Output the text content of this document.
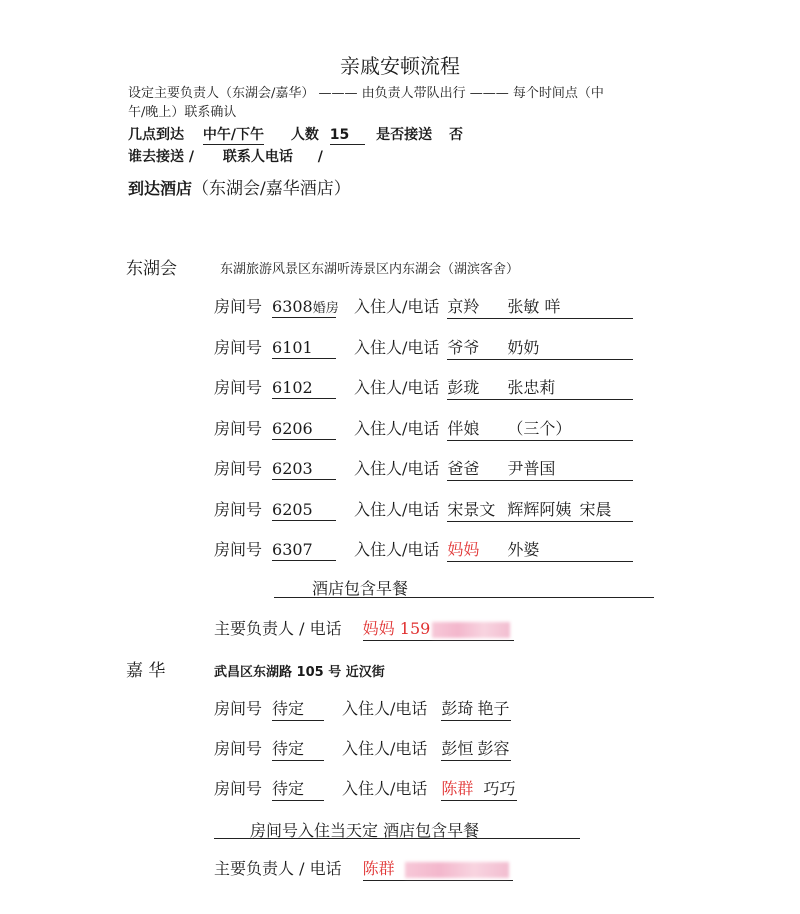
亲戚安顿流程
设定主要负责人（东湖会/嘉华） ——— 由负责人带队出行 ——— 每个时间点（中
午/晚上）联系确认
几点到达 中午/下午 人数 15 是否接送 否
谁去接送 / 联系人电话 /
到达酒店（东湖会/嘉华酒店）
东湖会	东湖旅游风景区东湖听涛景区内东湖会（湖滨客舍）
房间号 6308婚房 入住人/电话 京羚 张敏 咩
房间号 6101	入住人/电话 爷爷 奶奶
房间号 6102	入住人/电话 彭珑 张忠莉
房间号 6206	入住人/电话 伴娘 （三个）
房间号 6203	入住人/电话 爸爸 尹普国
房间号 6205	入住人/电话 宋景文 辉辉阿姨 宋晨
房间号 6307	入住人/电话 妈妈 外婆
酒店包含早餐
主要负责人 / 电话 妈妈 159
嘉 华	武昌区东湖路 105 号 近汉街
房间号 待定 入住人/电话 彭琦 艳子
房间号 待定 入住人/电话 彭恒 彭容
房间号 待定 入住人/电话 陈群 巧巧
房间号入住当天定 酒店包含早餐
主要负责人 / 电话 陈群
